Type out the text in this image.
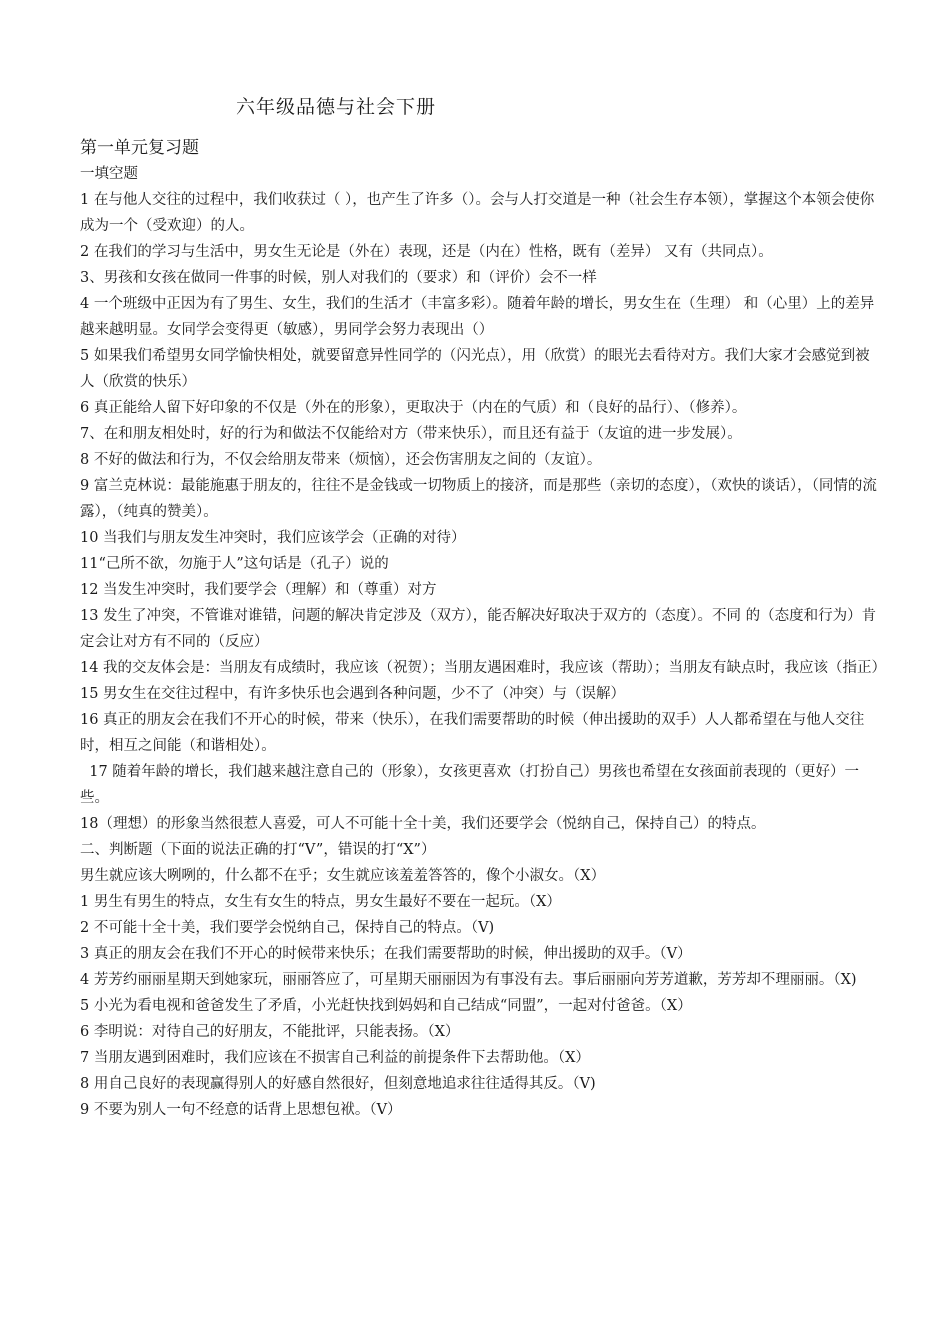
六年级品德与社会下册
第一单元复习题
一填空题
1 在与他人交往的过程中，我们收获过（ ），也产生了许多（）。会与人打交道是一种（社会生存本领），掌握这个本领会使你成为一个（受欢迎）的人。
2 在我们的学习与生活中，男女生无论是（外在）表现，还是（内在）性格，既有（差异） 又有（共同点）。
3、男孩和女孩在做同一件事的时候，别人对我们的（要求）和（评价）会不一样
4 一个班级中正因为有了男生、女生，我们的生活才（丰富多彩）。随着年龄的增长，男女生在（生理） 和（心里）上的差异越来越明显。女同学会变得更（敏感），男同学会努力表现出（）
5 如果我们希望男女同学愉快相处，就要留意异性同学的（闪光点），用（欣赏）的眼光去看待对方。我们大家才会感觉到被人（欣赏的快乐）
6 真正能给人留下好印象的不仅是（外在的形象），更取决于（内在的气质）和（良好的品行）、（修养）。
7、在和朋友相处时，好的行为和做法不仅能给对方（带来快乐），而且还有益于（友谊的进一步发展）。
8 不好的做法和行为，不仅会给朋友带来（烦恼），还会伤害朋友之间的（友谊）。
9 富兰克林说：最能施惠于朋友的，往往不是金钱或一切物质上的接济，而是那些（亲切的态度），（欢快的谈话），（同情的流露），（纯真的赞美）。
10 当我们与朋友发生冲突时，我们应该学会（正确的对待）
11“己所不欲，勿施于人”这句话是（孔子）说的
12 当发生冲突时，我们要学会（理解）和（尊重）对方
13 发生了冲突，不管谁对谁错，问题的解决肯定涉及（双方），能否解决好取决于双方的（态度）。不同 的（态度和行为）肯定会让对方有不同的（反应）
14 我的交友体会是：当朋友有成绩时，我应该（祝贺）；当朋友遇困难时，我应该（帮助）；当朋友有缺点时，我应该（指正）
15 男女生在交往过程中，有许多快乐也会遇到各种问题，少不了（冲突）与（误解）
16 真正的朋友会在我们不开心的时候，带来（快乐），在我们需要帮助的时候（伸出援助的双手）人人都希望在与他人交往时，相互之间能（和谐相处）。
17 随着年龄的增长，我们越来越注意自己的（形象），女孩更喜欢（打扮自己）男孩也希望在女孩面前表现的（更好）一些。
18（理想）的形象当然很惹人喜爱，可人不可能十全十美，我们还要学会（悦纳自己，保持自己）的特点。
二、判断题（下面的说法正确的打“V”，错误的打“X”）
男生就应该大咧咧的，什么都不在乎；女生就应该羞羞答答的，像个小淑女。（X）
1 男生有男生的特点，女生有女生的特点，男女生最好不要在一起玩。（X）
2 不可能十全十美，我们要学会悦纳自己，保持自己的特点。（V)
3 真正的朋友会在我们不开心的时候带来快乐；在我们需要帮助的时候，伸出援助的双手。（V）
4 芳芳约丽丽星期天到她家玩，丽丽答应了，可星期天丽丽因为有事没有去。事后丽丽向芳芳道歉，芳芳却不理丽丽。（X)
5 小光为看电视和爸爸发生了矛盾，小光赶快找到妈妈和自己结成“同盟”，一起对付爸爸。（X）
6 李明说：对待自己的好朋友，不能批评，只能表扬。（X）
7 当朋友遇到困难时，我们应该在不损害自己利益的前提条件下去帮助他。（X）
8 用自己良好的表现赢得别人的好感自然很好，但刻意地追求往往适得其反。（V)
9 不要为别人一句不经意的话背上思想包袱。（V）
